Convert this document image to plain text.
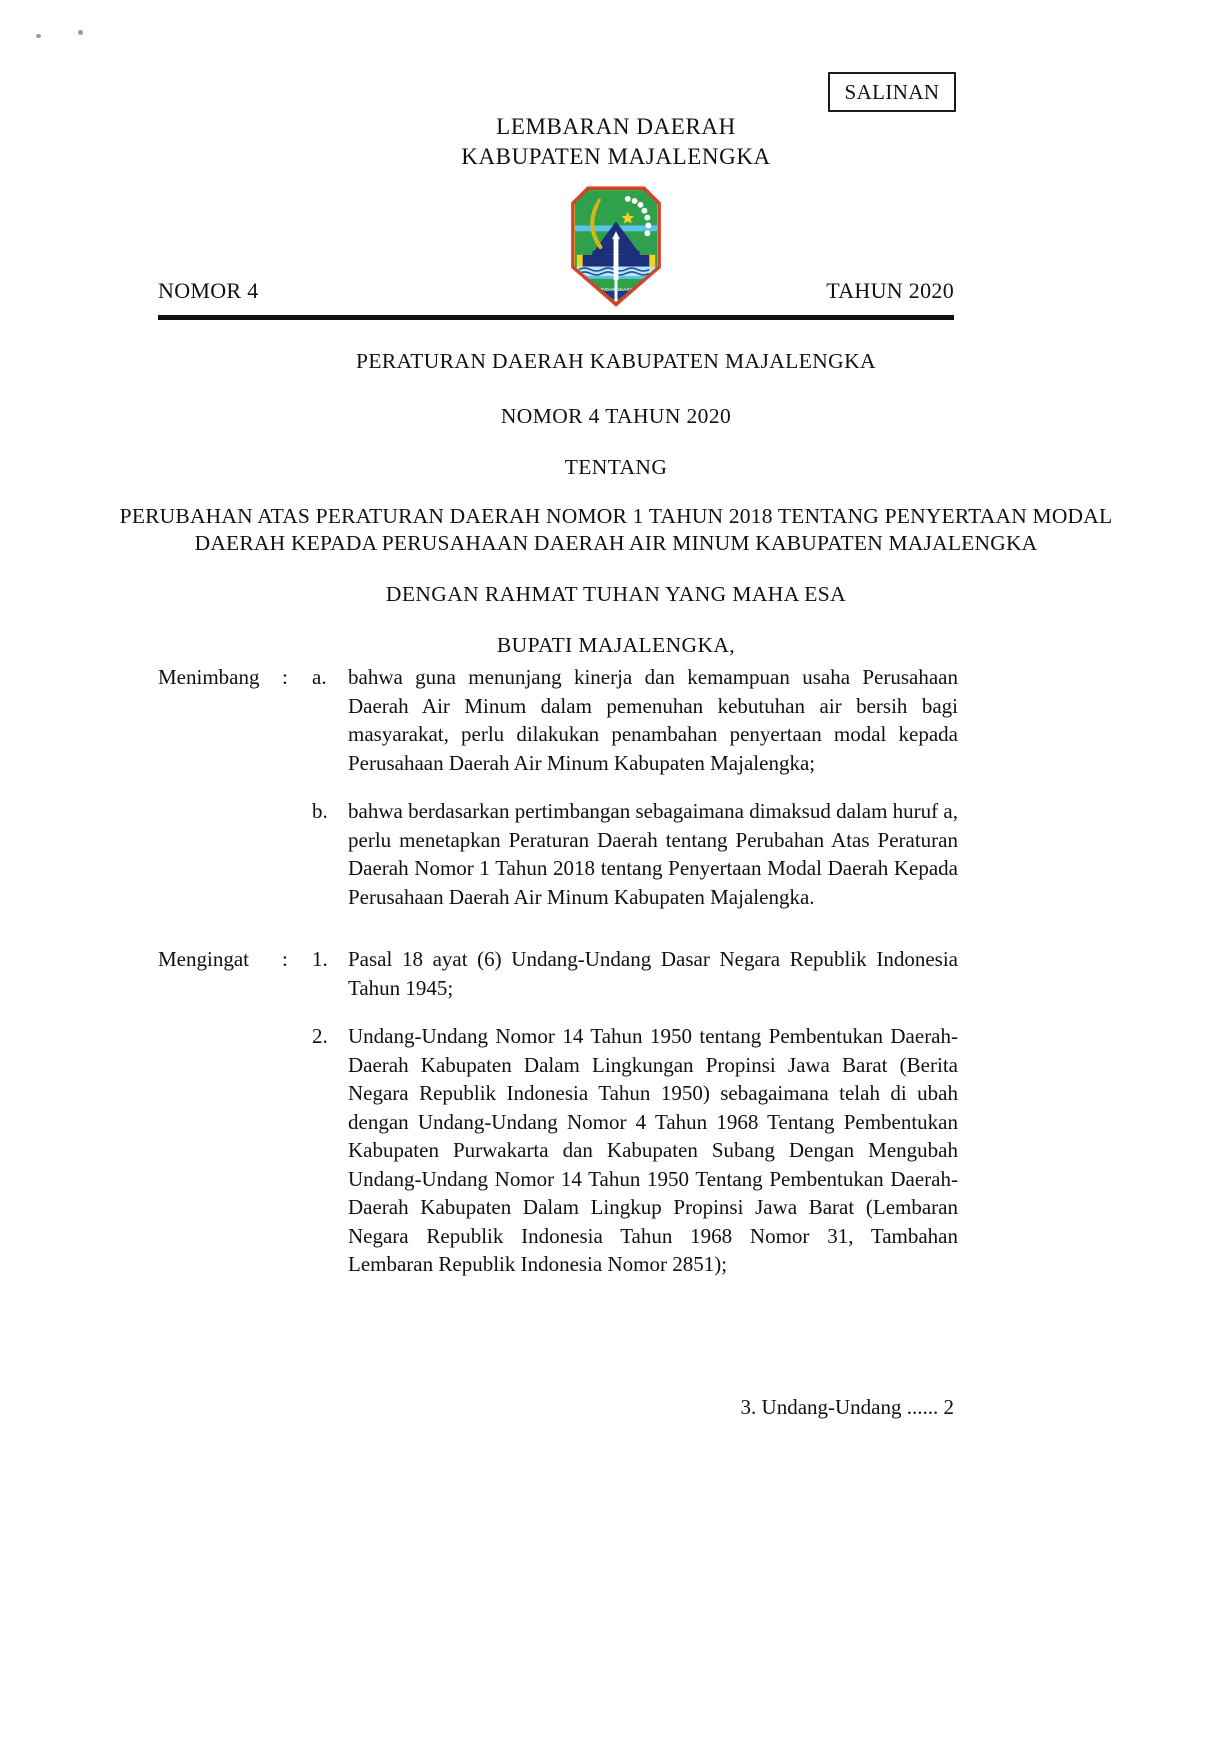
SALINAN
LEMBARAN DAERAH
KABUPATEN MAJALENGKA
NOMOR 4	TAHUN 2020
PERATURAN DAERAH KABUPATEN MAJALENGKA
NOMOR 4 TAHUN 2020
TENTANG
PERUBAHAN ATAS PERATURAN DAERAH NOMOR 1 TAHUN 2018 TENTANG PENYERTAAN MODAL DAERAH KEPADA PERUSAHAAN DAERAH AIR MINUM KABUPATEN MAJALENGKA
DENGAN RAHMAT TUHAN YANG MAHA ESA
BUPATI MAJALENGKA,
Menimbang	:	a.	bahwa guna menunjang kinerja dan kemampuan usaha Perusahaan Daerah Air Minum dalam pemenuhan kebutuhan air bersih bagi masyarakat, perlu dilakukan penambahan penyertaan modal kepada Perusahaan Daerah Air Minum Kabupaten Majalengka;
b. bahwa berdasarkan pertimbangan sebagaimana dimaksud dalam huruf a, perlu menetapkan Peraturan Daerah tentang Perubahan Atas Peraturan Daerah Nomor 1 Tahun 2018 tentang Penyertaan Modal Daerah Kepada Perusahaan Daerah Air Minum Kabupaten Majalengka.
Mengingat	:	1. Pasal 18 ayat (6) Undang-Undang Dasar Negara Republik Indonesia Tahun 1945;
2. Undang-Undang Nomor 14 Tahun 1950 tentang Pembentukan Daerah-Daerah Kabupaten Dalam Lingkungan Propinsi Jawa Barat (Berita Negara Republik Indonesia Tahun 1950) sebagaimana telah di ubah dengan Undang-Undang Nomor 4 Tahun 1968 Tentang Pembentukan Kabupaten Purwakarta dan Kabupaten Subang Dengan Mengubah Undang-Undang Nomor 14 Tahun 1950 Tentang Pembentukan Daerah-Daerah Kabupaten Dalam Lingkup Propinsi Jawa Barat (Lembaran Negara Republik Indonesia Tahun 1968 Nomor 31, Tambahan Lembaran Republik Indonesia Nomor 2851);
3. Undang-Undang ...... 2
